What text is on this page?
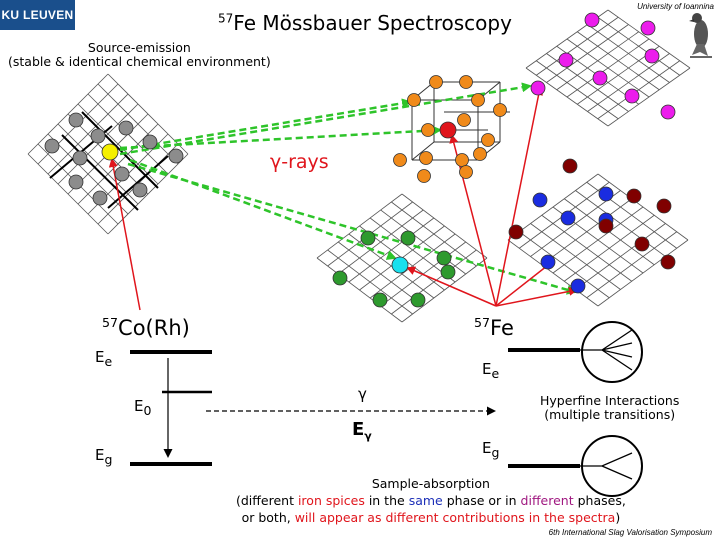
KU LEUVEN
University of Ioannina
$^{57}$Fe Mössbauer Spectroscopy
Source-emission
(stable & identical chemical environment)
γ-rays
$^{57}$Co(Rh)	$^{57}$Fe
$E_e$
$E_0$
$E_g$
$E_e$
$E_g$
γ
$E_\gamma$
Hyperfine Interactions
(multiple transitions)
Sample-absorption
(different iron spices in the same phase or in different phases,
or both, will appear as different contributions in the spectra)
6th International Slag Valorisation Symposium
